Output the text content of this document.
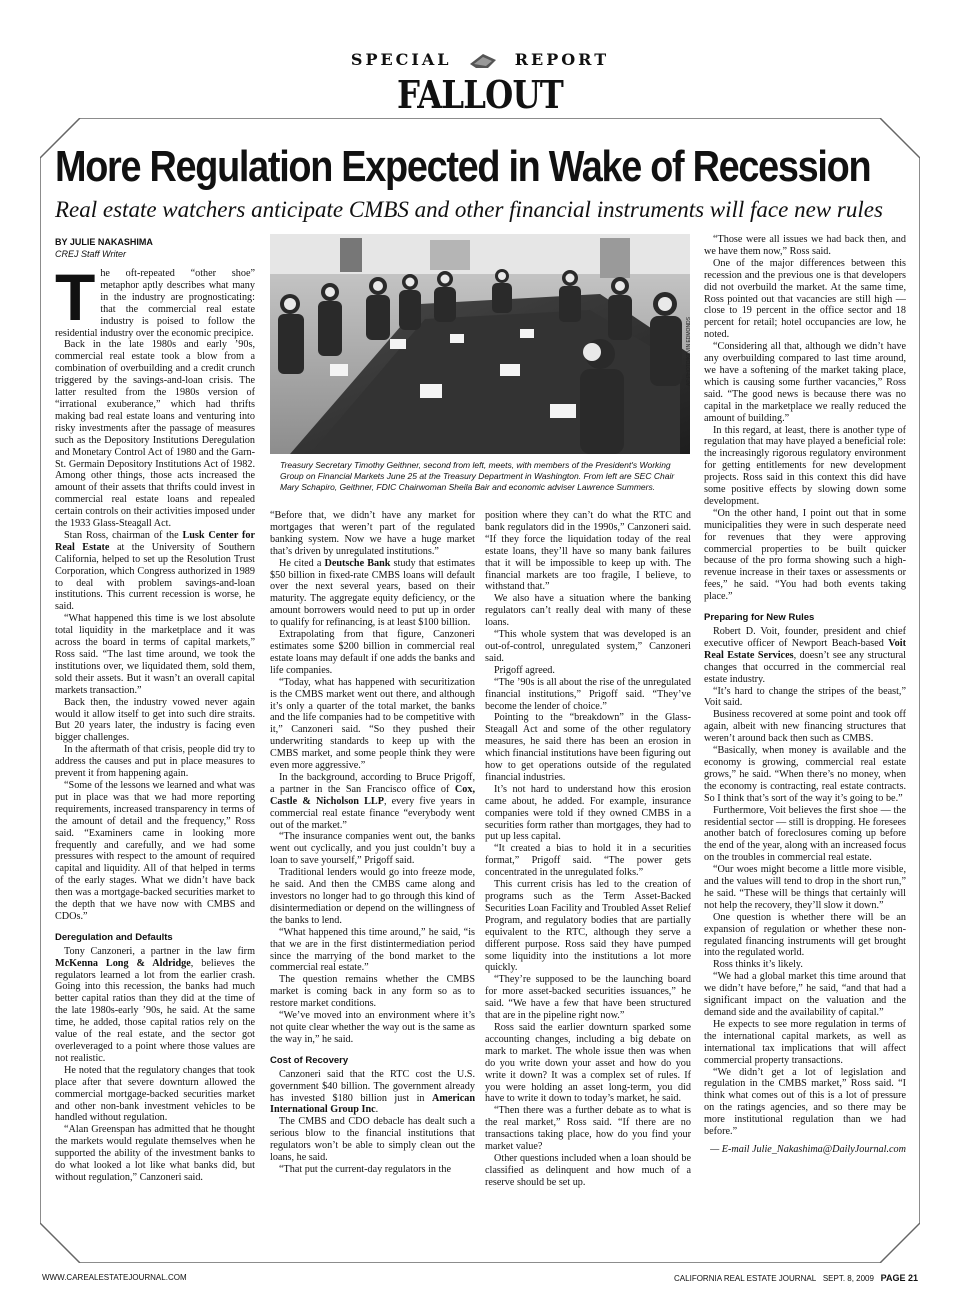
SPECIAL	REPORT
FALLOUT
More Regulation Expected in Wake of Recession
Real estate watchers anticipate CMBS and other financial instruments will face new rules
BY JULIE NAKASHIMA
CREJ Staff Writer
T he oft-repeated “other shoe” metaphor aptly describes what many in the industry are prognosticating: that the commercial real estate industry is poised to follow the residential industry over the economic precipice.

Back in the late 1980s and early ’90s, commercial real estate took a blow from a combination of overbuilding and a credit crunch triggered by the savings-and-loan crisis. The latter resulted from the 1980s version of “irrational exuberance,” which had thrifts making bad real estate loans and venturing into risky investments after the passage of measures such as the Depository Institutions Deregulation and Monetary Control Act of 1980 and the Garn-St. Germain Depository Institutions Act of 1982. Among other things, those acts increased the amount of their assets that thrifts could invest in commercial real estate loans and repealed certain controls on their activities imposed under the 1933 Glass-Steagall Act.

Stan Ross, chairman of the Lusk Center for Real Estate at the University of Southern California, helped to set up the Resolution Trust Corporation, which Congress authorized in 1989 to deal with problem savings-and-loan institutions. This current recession is worse, he said.

“What happened this time is we lost absolute total liquidity in the marketplace and it was across the board in terms of capital markets,” Ross said. “The last time around, we took the institutions over, we liquidated them, sold them, sold their assets. But it wasn’t an overall capital markets transaction.”

Back then, the industry vowed never again would it allow itself to get into such dire straits. But 20 years later, the industry is facing even bigger challenges.

In the aftermath of that crisis, people did try to address the causes and put in place measures to prevent it from happening again.

“Some of the lessons we learned and what was put in place was that we had more reporting requirements, increased transparency in terms of the amount of detail and the frequency,” Ross said. “Examiners came in looking more frequently and carefully, and we had some pressures with respect to the amount of required capital and liquidity. All of that helped in terms of the early stages. What we didn’t have back then was a mortgage-backed securities market to the depth that we have now with CMBS and CDOs.”

Deregulation and Defaults

Tony Canzoneri, a partner in the law firm McKenna Long & Aldridge, believes the regulators learned a lot from the earlier crash. Going into this recession, the banks had much better capital ratios than they did at the time of the late 1980s-early ’90s, he said. At the same time, he added, those capital ratios rely on the value of the real estate, and the sector got overleveraged to a point where those values are not realistic.

He noted that the regulatory changes that took place after that severe downturn allowed the commercial mortgage-backed securities market and other non-bank investment vehicles to be handled without regulation.

“Alan Greenspan has admitted that he thought the markets would regulate themselves when he supported the ability of the investment banks to do what looked a lot like what banks did, but without regulation,” Canzoneri said.

AP PHOTO/KEVIN EDMONDS
Treasury Secretary Timothy Geithner, second from left, meets, with members of the President's Working Group on Financial Markets June 25 at the Treasury Department in Washington. From left are SEC Chair Mary Schapiro, Geithner, FDIC Chairwoman Sheila Bair and economic adviser Lawrence Summers.

“Before that, we didn’t have any market for mortgages that weren’t part of the regulated banking system. Now we have a huge market that’s driven by unregulated institutions.”

He cited a Deutsche Bank study that estimates $50 billion in fixed-rate CMBS loans will default over the next several years, based on their maturity. The aggregate equity deficiency, or the amount borrowers would need to put up in order to qualify for refinancing, is at least $100 billion.

Extrapolating from that figure, Canzoneri estimates some $200 billion in commercial real estate loans may default if one adds the banks and life companies.

“Today, what has happened with securitization is the CMBS market went out there, and although it’s only a quarter of the total market, the banks and the life companies had to be competitive with it,” Canzoneri said. “So they pushed their underwriting standards to keep up with the CMBS market, and some people think they were even more aggressive.”

In the background, according to Bruce Prigoff, a partner in the San Francisco office of Cox, Castle & Nicholson LLP, every five years in commercial real estate finance “everybody went out of the market.”

“The insurance companies went out, the banks went out cyclically, and you just couldn’t buy a loan to save yourself,” Prigoff said.

Traditional lenders would go into freeze mode, he said. And then the CMBS came along and investors no longer had to go through this kind of disintermediation or depend on the willingness of the banks to lend.

“What happened this time around,” he said, “is that we are in the first distintermediation period since the marrying of the bond market to the commercial real estate.”

The question remains whether the CMBS market is coming back in any form so as to restore market conditions.

“We’ve moved into an environment where it’s not quite clear whether the way out is the same as the way in,” he said.

Cost of Recovery

Canzoneri said that the RTC cost the U.S. government $40 billion. The government already has invested $180 billion just in American International Group Inc.

The CMBS and CDO debacle has dealt such a serious blow to the financial institutions that regulators won’t be able to simply clean out the loans, he said.

“That put the current-day regulators in the

position where they can’t do what the RTC and bank regulators did in the 1990s,” Canzoneri said. “If they force the liquidation today of the real estate loans, they’ll have so many bank failures that it will be impossible to keep up with. The financial markets are too fragile, I believe, to withstand that.”

We also have a situation where the banking regulators can’t really deal with many of these loans.

“This whole system that was developed is an out-of-control, unregulated system,” Canzoneri said.

Prigoff agreed.

“The ’90s is all about the rise of the unregulated financial institutions,” Prigoff said. “They’ve become the lender of choice.”

Pointing to the “breakdown” in the Glass-Steagall Act and some of the other regulatory measures, he said there has been an erosion in which financial institutions have been figuring out how to get operations outside of the regulated financial industries.

It’s not hard to understand how this erosion came about, he added. For example, insurance companies were told if they owned CMBS in a securities form rather than mortgages, they had to put up less capital.

“It created a bias to hold it in a securities format,” Prigoff said. “The power gets concentrated in the unregulated folks.”

This current crisis has led to the creation of programs such as the Term Asset-Backed Securities Loan Facility and Troubled Asset Relief Program, and regulatory bodies that are partially equivalent to the RTC, although they serve a different purpose. Ross said they have pumped some liquidity into the institutions a lot more quickly.

“They’re supposed to be the launching board for more asset-backed securities issuances,” he said. “We have a few that have been structured that are in the pipeline right now.”

Ross said the earlier downturn sparked some accounting changes, including a big debate on mark to market. The whole issue then was when do you write down your asset and how do you write it down? It was a complex set of rules. If you were holding an asset long-term, you did have to write it down to today’s market, he said.

“Then there was a further debate as to what is the real market,” Ross said. “If there are no transactions taking place, how do you find your market value?

Other questions included when a loan should be classified as delinquent and how much of a reserve should be set up.

“Those were all issues we had back then, and we have them now,” Ross said.

One of the major differences between this recession and the previous one is that developers did not overbuild the market. At the same time, Ross pointed out that vacancies are still high — close to 19 percent in the office sector and 18 percent for retail; hotel occupancies are low, he noted.

“Considering all that, although we didn’t have any overbuilding compared to last time around, we have a softening of the market taking place, which is causing some further vacancies,” Ross said. “The good news is because there was no capital in the marketplace we really reduced the amount of building.”

In this regard, at least, there is another type of regulation that may have played a beneficial role: the increasingly rigorous regulatory environment for getting entitlements for new development projects. Ross said in this context this did have some positive effects by slowing down some development.

“On the other hand, I point out that in some municipalities they were in such desperate need for revenues that they were approving commercial properties to be built quicker because of the pro forma showing such a high-revenue increase in their taxes or assessments or fees,” he said. “You had both events taking place.”

Preparing for New Rules

Robert D. Voit, founder, president and chief executive officer of Newport Beach-based Voit Real Estate Services, doesn’t see any structural changes that occurred in the commercial real estate industry.

“It’s hard to change the stripes of the beast,” Voit said.

Business recovered at some point and took off again, albeit with new financing structures that weren’t around back then such as CMBS.

“Basically, when money is available and the economy is growing, commercial real estate grows,” he said. “When there’s no money, when the economy is contracting, real estate contracts. So I think that’s sort of the way it’s going to be.”

Furthermore, Voit believes the first shoe — the residential sector — still is dropping. He foresees another batch of foreclosures coming up before the end of the year, along with an increased focus on the troubles in commercial real estate.

“Our woes might become a little more visible, and the values will tend to drop in the short run,” he said. “These will be things that certainly will not help the recovery, they’ll slow it down.”

One question is whether there will be an expansion of regulation or whether these non-regulated financing instruments will get brought into the regulated world.

Ross thinks it’s likely.

“We had a global market this time around that we didn’t have before,” he said, “and that had a significant impact on the valuation and the demand side and the availability of capital.”

He expects to see more regulation in terms of the international capital markets, as well as international tax implications that will affect commercial property transactions.

“We didn’t get a lot of legislation and regulation in the CMBS market,” Ross said. “I think what comes out of this is a lot of pressure on the ratings agencies, and so there may be more institutional regulation than we had before.”

— E-mail Julie_Nakashima@DailyJournal.com
WWW.CAREALESTATEJOURNAL.COM	CALIFORNIA REAL ESTATE JOURNAL SEPT. 8, 2009 PAGE 21
